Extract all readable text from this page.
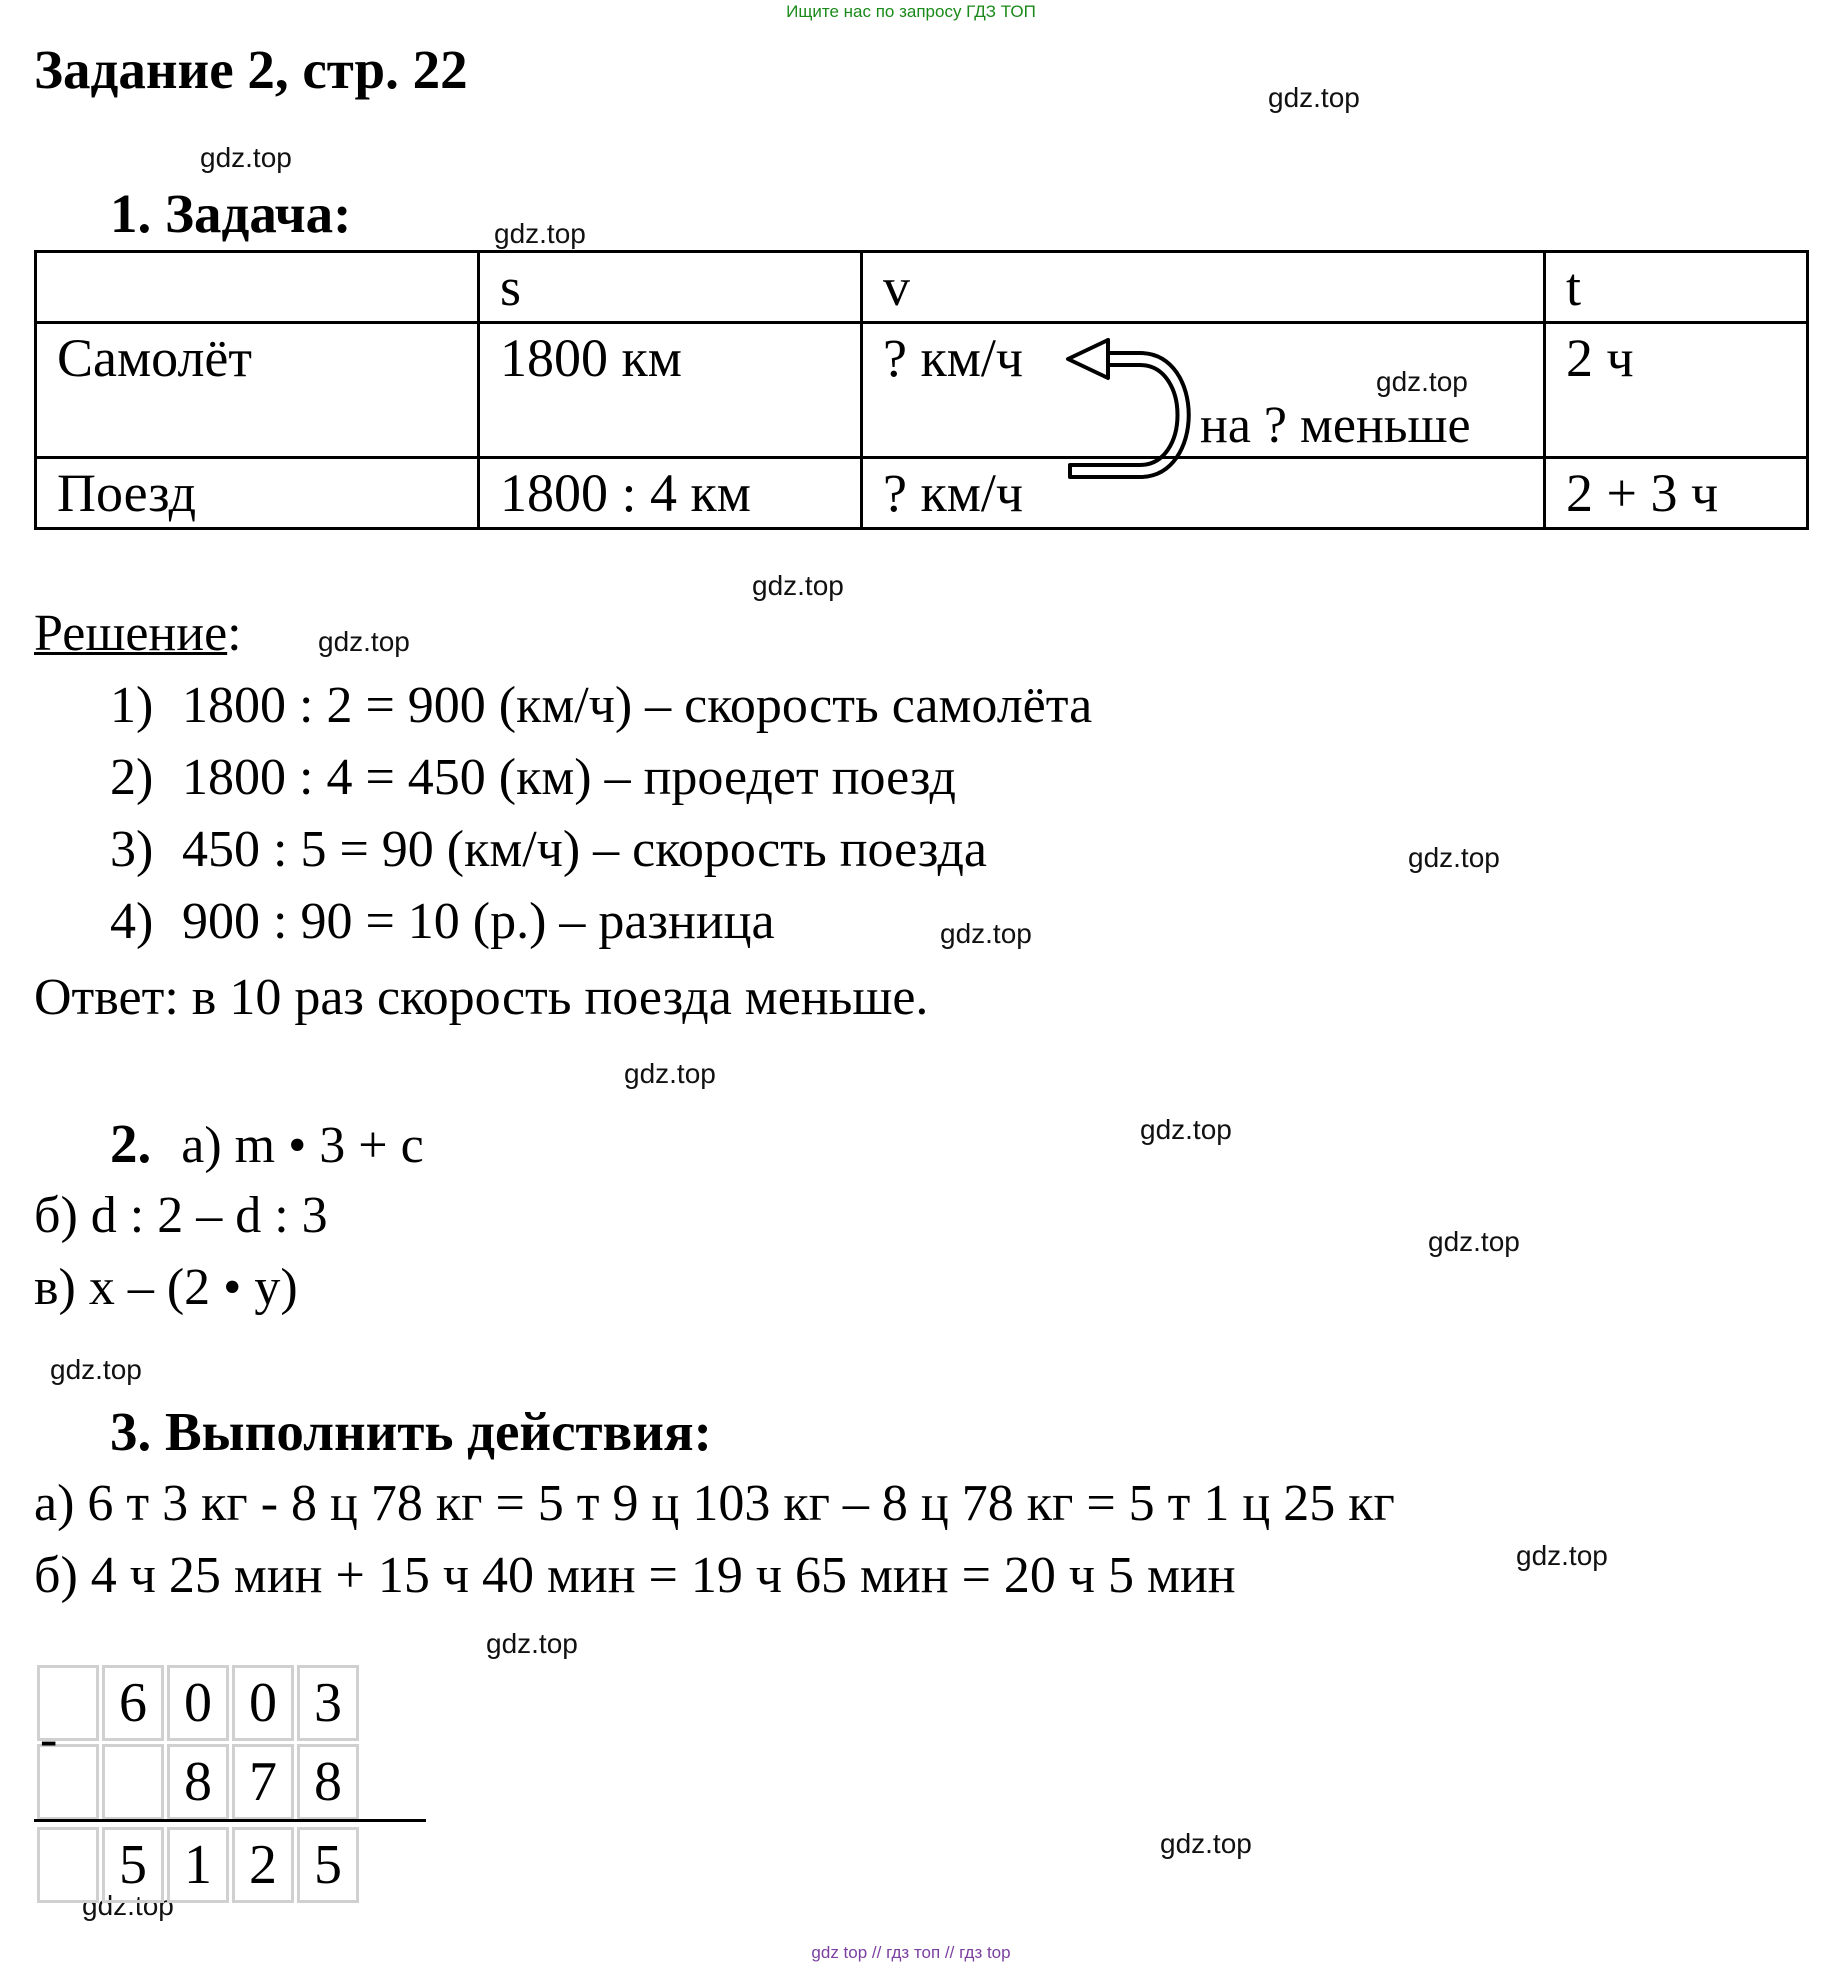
Ищите нас по запросу ГДЗ ТОП
Задание 2, стр. 22	gdz.top
gdz.top
gdz.top
gdz.top
gdz.top
gdz.top
gdz.top
gdz.top
gdz.top
gdz.top
gdz.top
gdz.top
gdz.top
gdz.top
gdz.top
gdz.top
1. Задача:
	s	v	t
Самолёт	1800 км	? км/ч	2 ч
Поезд	1800 : 4 км	? км/ч	2 + 3 ч
на ? меньше
Решение:
1) 1800 : 2 = 900 (км/ч) – скорость самолёта
2) 1800 : 4 = 450 (км) – проедет поезд
3) 450 : 5 = 90 (км/ч) – скорость поезда
4) 900 : 90 = 10 (р.) – разница
Ответ: в 10 раз скорость поезда меньше.
2. а) m • 3 + c
б) d : 2 – d : 3
в) x – (2 • y)
3. Выполнить действия:
а) 6 т 3 кг - 8 ц 78 кг = 5 т 9 ц 103 кг – 8 ц 78 кг = 5 т 1 ц 25 кг
б) 4 ч 25 мин + 15 ч 40 мин = 19 ч 65 мин = 20 ч 5 мин
	6	0	0	3
		8	7	8
-
	5	1	2	5
gdz top // гдз топ // гдз top
